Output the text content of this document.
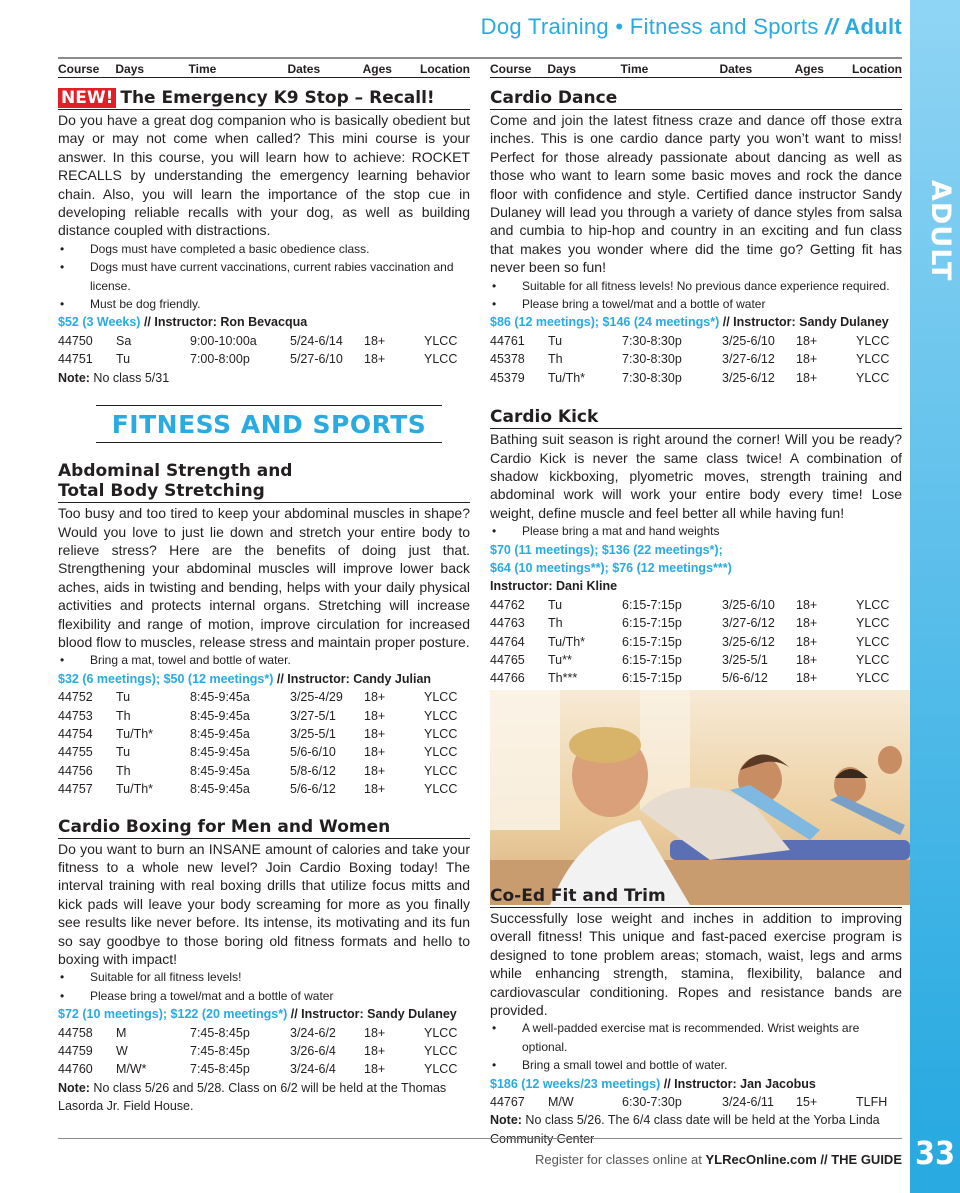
Dog Training • Fitness and Sports // Adult
ADULT
33
Course	Days	Time	Dates	Ages	Location
NEW! The Emergency K9 Stop – Recall!

Do you have a great dog companion who is basically obedient but may or may not come when called? This mini course is your answer. In this course, you will learn how to achieve: ROCKET RECALLS by understanding the emergency learning behavior chain. Also, you will learn the importance of the stop cue in developing reliable recalls with your dog, as well as building distance coupled with distractions.

• Dogs must have completed a basic obedience class.
• Dogs must have current vaccinations, current rabies vaccination and license.
• Must be dog friendly.
$52 (3 Weeks) // Instructor: Ron Bevacqua
44750	Sa	9:00-10:00a	5/24-6/14	18+	YLCC
44751	Tu	7:00-8:00p	5/27-6/10	18+	YLCC
Note: No class 5/31
FITNESS AND SPORTS
Abdominal Strength and
Total Body Stretching

Too busy and too tired to keep your abdominal muscles in shape? Would you love to just lie down and stretch your entire body to relieve stress? Here are the benefits of doing just that. Strengthening your abdominal muscles will improve lower back aches, aids in twisting and bending, helps with your daily physical activities and protects internal organs. Stretching will increase flexibility and range of motion, improve circulation for increased blood flow to muscles, release stress and maintain proper posture.

• Bring a mat, towel and bottle of water.
$32 (6 meetings); $50 (12 meetings*) // Instructor: Candy Julian
44752	Tu	8:45-9:45a	3/25-4/29	18+	YLCC
44753	Th	8:45-9:45a	3/27-5/1	18+	YLCC
44754	Tu/Th*	8:45-9:45a	3/25-5/1	18+	YLCC
44755	Tu	8:45-9:45a	5/6-6/10	18+	YLCC
44756	Th	8:45-9:45a	5/8-6/12	18+	YLCC
44757	Tu/Th*	8:45-9:45a	5/6-6/12	18+	YLCC
Cardio Boxing for Men and Women

Do you want to burn an INSANE amount of calories and take your fitness to a whole new level? Join Cardio Boxing today! The interval training with real boxing drills that utilize focus mitts and kick pads will leave your body screaming for more as you finally see results like never before. Its intense, its motivating and its fun so say goodbye to those boring old fitness formats and hello to boxing with impact!

• Suitable for all fitness levels!
• Please bring a towel/mat and a bottle of water
$72 (10 meetings); $122 (20 meetings*) // Instructor: Sandy Dulaney
44758	M	7:45-8:45p	3/24-6/2	18+	YLCC
44759	W	7:45-8:45p	3/26-6/4	18+	YLCC
44760	M/W*	7:45-8:45p	3/24-6/4	18+	YLCC
Note: No class 5/26 and 5/28. Class on 6/2 will be held at the Thomas Lasorda Jr. Field House.
Course	Days	Time	Dates	Ages	Location
Cardio Dance

Come and join the latest fitness craze and dance off those extra inches. This is one cardio dance party you won’t want to miss! Perfect for those already passionate about dancing as well as those who want to learn some basic moves and rock the dance floor with confidence and style. Certified dance instructor Sandy Dulaney will lead you through a variety of dance styles from salsa and cumbia to hip-hop and country in an exciting and fun class that makes you wonder where did the time go? Getting fit has never been so fun!

• Suitable for all fitness levels! No previous dance experience required.
• Please bring a towel/mat and a bottle of water
$86 (12 meetings); $146 (24 meetings*) // Instructor: Sandy Dulaney
44761	Tu	7:30-8:30p	3/25-6/10	18+	YLCC
45378	Th	7:30-8:30p	3/27-6/12	18+	YLCC
45379	Tu/Th*	7:30-8:30p	3/25-6/12	18+	YLCC
Cardio Kick

Bathing suit season is right around the corner! Will you be ready? Cardio Kick is never the same class twice! A combination of shadow kickboxing, plyometric moves, strength training and abdominal work will work your entire body every time! Lose weight, define muscle and feel better all while having fun!

• Please bring a mat and hand weights
$70 (11 meetings); $136 (22 meetings*);
$64 (10 meetings**); $76 (12 meetings***)
Instructor: Dani Kline
44762	Tu	6:15-7:15p	3/25-6/10	18+	YLCC
44763	Th	6:15-7:15p	3/27-6/12	18+	YLCC
44764	Tu/Th*	6:15-7:15p	3/25-6/12	18+	YLCC
44765	Tu**	6:15-7:15p	3/25-5/1	18+	YLCC
44766	Th***	6:15-7:15p	5/6-6/12	18+	YLCC
Co-Ed Fit and Trim

Successfully lose weight and inches in addition to improving overall fitness! This unique and fast-paced exercise program is designed to tone problem areas; stomach, waist, legs and arms while enhancing strength, stamina, flexibility, balance and cardiovascular conditioning. Ropes and resistance bands are provided.

• A well-padded exercise mat is recommended. Wrist weights are optional.
• Bring a small towel and bottle of water.
$186 (12 weeks/23 meetings) // Instructor: Jan Jacobus
44767	M/W	6:30-7:30p	3/24-6/11	15+	TLFH
Note: No class 5/26. The 6/4 class date will be held at the Yorba Linda
Register for classes online at YLRecOnline.com // THE GUIDE
